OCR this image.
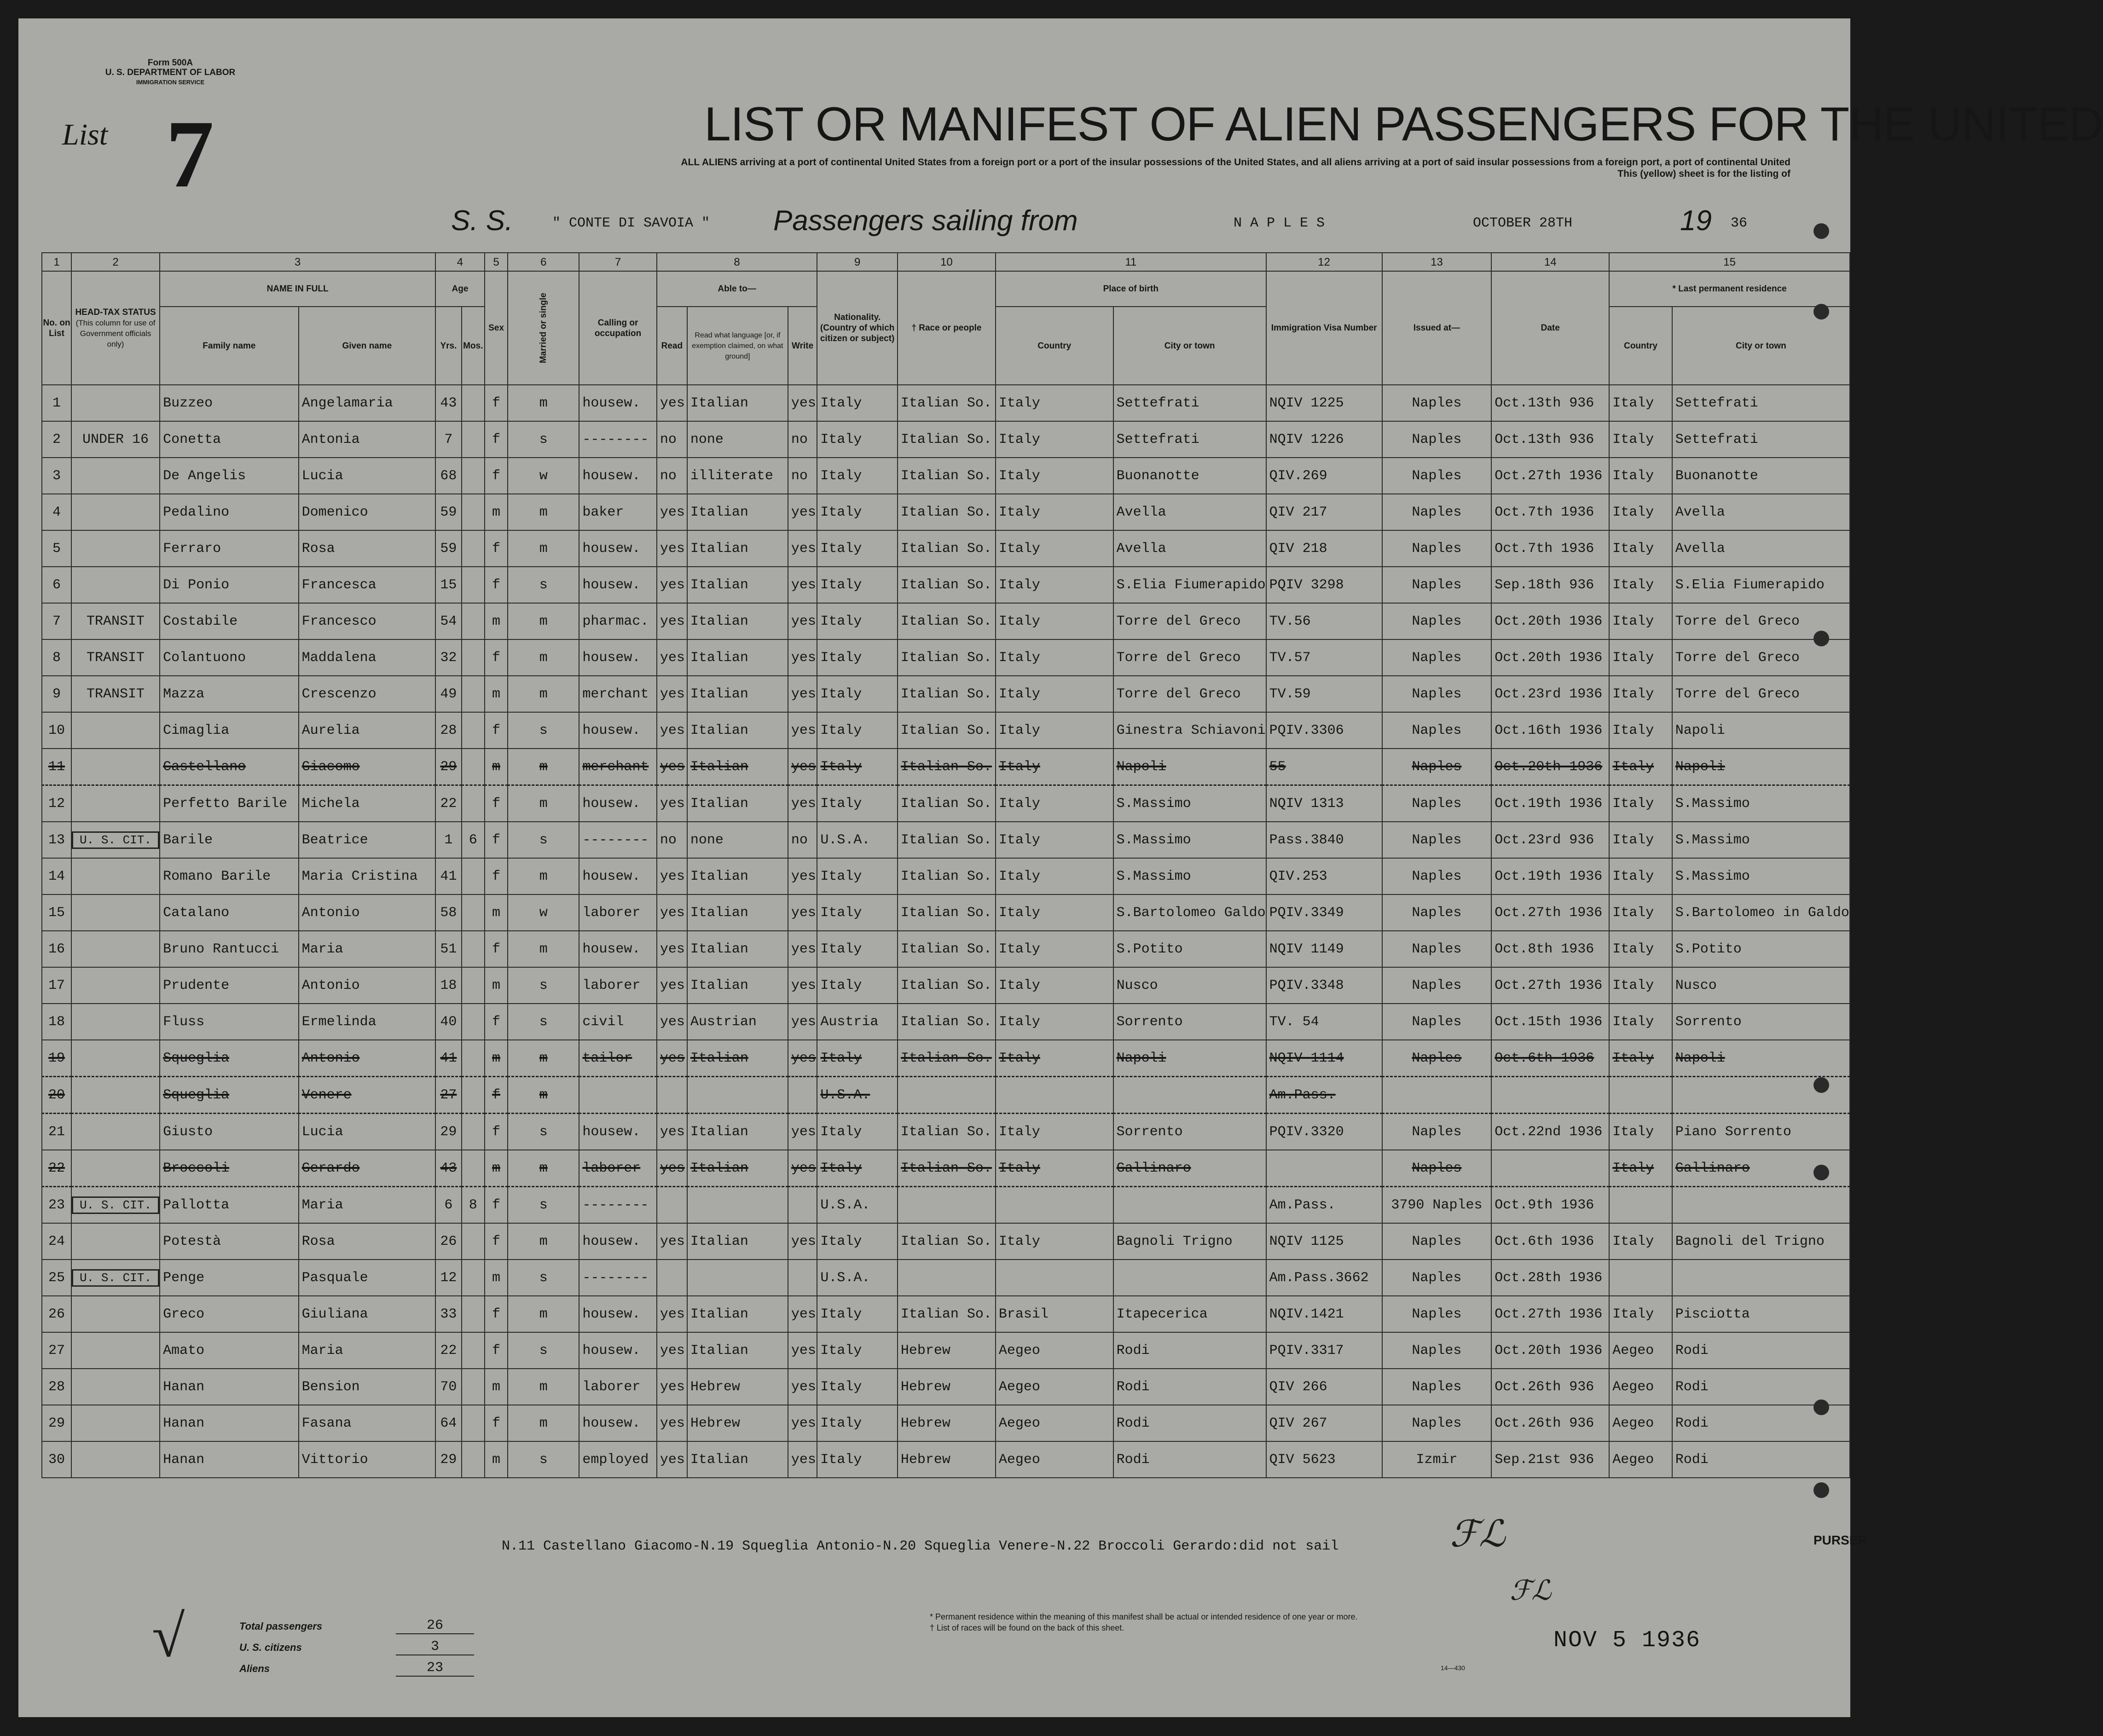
Form 500A
U. S. DEPARTMENT OF LABOR
IMMIGRATION SERVICE
List 7	LIST OR MANIFEST OF ALIEN PASSENGERS FOR THE UNITED
ALL ALIENS arriving at a port of continental United States from a foreign port or a port of the insular possessions of the United States, and all aliens arriving at a port of said insular possessions from a foreign port, a port of continental United
This (yellow) sheet is for the listing of
S. S.	" CONTE DI SAVOIA " Passengers sailing from	N A P L E S	OCTOBER 28TH	19 36
1	2	3		4		5	6	7	8			9	10	11		12	13	14	15	
No. on List	HEAD-TAX STATUS
(This column for use of Government officials only)	NAME IN FULL		Age		Sex	Married or single	Calling or occupation	Able to—			Nationality. (Country of which citizen or subject)	† Race or people	Place of birth		Immigration Visa Number	Issued at—	Date	* Last permanent residence	
		Family name	Given name	Yrs.	Mos.				Read	Read what language [or, if exemption claimed, on what ground]	Write			Country	City or town				Country	City or town
1		Buzzeo	Angelamaria	43		f	m	housew.	yes	Italian	yes	Italy	Italian So.	Italy	Settefrati	NQIV 1225	Naples	Oct.13th 936	Italy	Settefrati
2	UNDER 16	Conetta	Antonia	7		f	s	--------	no	none	no	Italy	Italian So.	Italy	Settefrati	NQIV 1226	Naples	Oct.13th 936	Italy	Settefrati
3		De Angelis	Lucia	68		f	w	housew.	no	illiterate	no	Italy	Italian So.	Italy	Buonanotte	QIV.269	Naples	Oct.27th 1936	Italy	Buonanotte
4		Pedalino	Domenico	59		m	m	baker	yes	Italian	yes	Italy	Italian So.	Italy	Avella	QIV 217	Naples	Oct.7th 1936	Italy	Avella
5		Ferraro	Rosa	59		f	m	housew.	yes	Italian	yes	Italy	Italian So.	Italy	Avella	QIV 218	Naples	Oct.7th 1936	Italy	Avella
6		Di Ponio	Francesca	15		f	s	housew.	yes	Italian	yes	Italy	Italian So.	Italy	S.Elia Fiumerapido	PQIV 3298	Naples	Sep.18th 936	Italy	S.Elia Fiumerapido
7	TRANSIT	Costabile	Francesco	54		m	m	pharmac.	yes	Italian	yes	Italy	Italian So.	Italy	Torre del Greco	TV.56	Naples	Oct.20th 1936	Italy	Torre del Greco
8	TRANSIT	Colantuono	Maddalena	32		f	m	housew.	yes	Italian	yes	Italy	Italian So.	Italy	Torre del Greco	TV.57	Naples	Oct.20th 1936	Italy	Torre del Greco
9	TRANSIT	Mazza	Crescenzo	49		m	m	merchant	yes	Italian	yes	Italy	Italian So.	Italy	Torre del Greco	TV.59	Naples	Oct.23rd 1936	Italy	Torre del Greco
10		Cimaglia	Aurelia	28		f	s	housew.	yes	Italian	yes	Italy	Italian So.	Italy	Ginestra Schiavoni	PQIV.3306	Naples	Oct.16th 1936	Italy	Napoli
11		Castellano	Giacomo	29		m	m	merchant	yes	Italian	yes	Italy	Italian So.	Italy	Napoli	55	Naples	Oct.20th 1936	Italy	Napoli
12		Perfetto Barile	Michela	22		f	m	housew.	yes	Italian	yes	Italy	Italian So.	Italy	S.Massimo	NQIV 1313	Naples	Oct.19th 1936	Italy	S.Massimo
13	U. S. CIT.	Barile	Beatrice	1	6	f	s	--------	no	none	no	U.S.A.	Italian So.	Italy	S.Massimo	Pass.3840	Naples	Oct.23rd 936	Italy	S.Massimo
14		Romano Barile	Maria Cristina	41		f	m	housew.	yes	Italian	yes	Italy	Italian So.	Italy	S.Massimo	QIV.253	Naples	Oct.19th 1936	Italy	S.Massimo
15		Catalano	Antonio	58		m	w	laborer	yes	Italian	yes	Italy	Italian So.	Italy	S.Bartolomeo Galdo	PQIV.3349	Naples	Oct.27th 1936	Italy	S.Bartolomeo in Galdo
16		Bruno Rantucci	Maria	51		f	m	housew.	yes	Italian	yes	Italy	Italian So.	Italy	S.Potito	NQIV 1149	Naples	Oct.8th 1936	Italy	S.Potito
17		Prudente	Antonio	18		m	s	laborer	yes	Italian	yes	Italy	Italian So.	Italy	Nusco	PQIV.3348	Naples	Oct.27th 1936	Italy	Nusco
18		Fluss	Ermelinda	40		f	s	civil	yes	Austrian	yes	Austria	Italian So.	Italy	Sorrento	TV. 54	Naples	Oct.15th 1936	Italy	Sorrento
19		Squeglia	Antonio	41		m	m	tailor	yes	Italian	yes	Italy	Italian So.	Italy	Napoli	NQIV 1114	Naples	Oct.6th 1936	Italy	Napoli
20		Squeglia	Venere	27		f	m					U.S.A.				Am.Pass.				
21		Giusto	Lucia	29		f	s	housew.	yes	Italian	yes	Italy	Italian So.	Italy	Sorrento	PQIV.3320	Naples	Oct.22nd 1936	Italy	Piano Sorrento
22		Broccoli	Gerardo	43		m	m	laborer	yes	Italian	yes	Italy	Italian So.	Italy	Gallinaro		Naples		Italy	Gallinaro
23	U. S. CIT.	Pallotta	Maria	6	8	f	s	--------				U.S.A.				Am.Pass.	3790 Naples	Oct.9th 1936		
24		Potestà	Rosa	26		f	m	housew.	yes	Italian	yes	Italy	Italian So.	Italy	Bagnoli Trigno	NQIV 1125	Naples	Oct.6th 1936	Italy	Bagnoli del Trigno
25	U. S. CIT.	Penge	Pasquale	12		m	s	--------				U.S.A.				Am.Pass.3662	Naples	Oct.28th 1936		
26		Greco	Giuliana	33		f	m	housew.	yes	Italian	yes	Italy	Italian So.	Brasil	Itapecerica	NQIV.1421	Naples	Oct.27th 1936	Italy	Pisciotta
27		Amato	Maria	22		f	s	housew.	yes	Italian	yes	Italy	Hebrew	Aegeo	Rodi	PQIV.3317	Naples	Oct.20th 1936	Aegeo	Rodi
28		Hanan	Bension	70		m	m	laborer	yes	Hebrew	yes	Italy	Hebrew	Aegeo	Rodi	QIV 266	Naples	Oct.26th 936	Aegeo	Rodi
29		Hanan	Fasana	64		f	m	housew.	yes	Hebrew	yes	Italy	Hebrew	Aegeo	Rodi	QIV 267	Naples	Oct.26th 936	Aegeo	Rodi
30		Hanan	Vittorio	29		m	s	employed	yes	Italian	yes	Italy	Hebrew	Aegeo	Rodi	QIV 5623	Izmir	Sep.21st 936	Aegeo	Rodi
N.11 Castellano Giacomo-N.19 Squeglia Antonio-N.20 Squeglia Venere-N.22 Broccoli Gerardo:did not sail	PURSER
ℱℒ
√	Total passengers	26
U. S. citizens	3
Aliens	23
* Permanent residence within the meaning of this manifest shall be actual or intended residence of one year or more.
† List of races will be found on the back of this sheet.
ℱℒ
NOV 5 1936
14—430
